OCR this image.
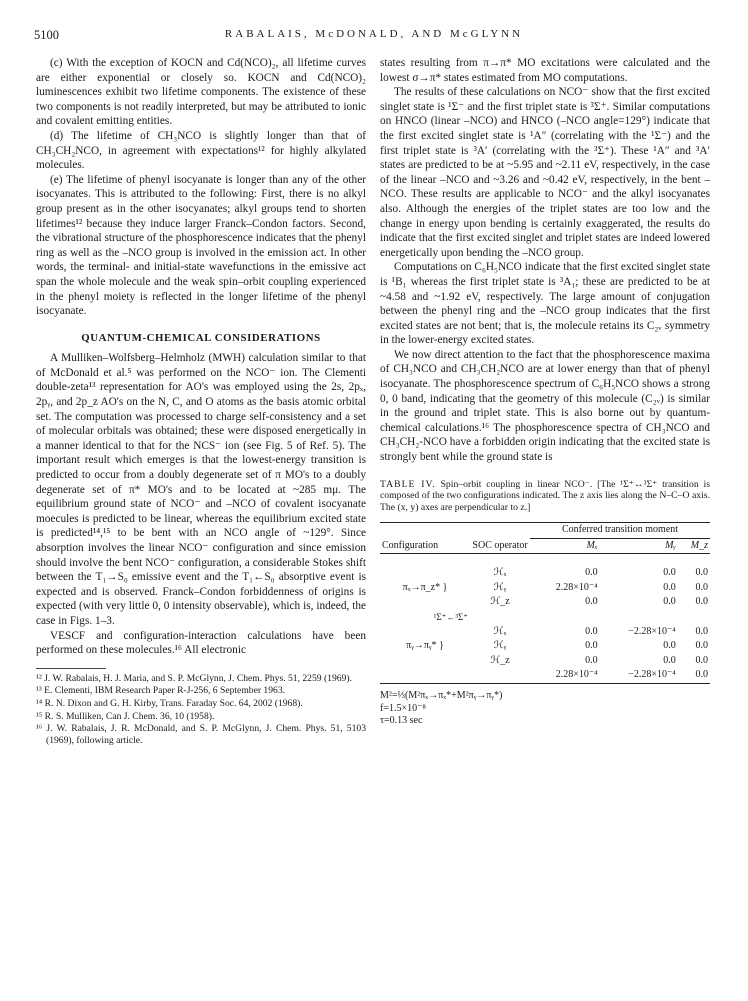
5100	RABALAIS, McDONALD, AND McGLYNN

(c) With the exception of KOCN and Cd(NCO)₂, all lifetime curves are either exponential or closely so. KOCN and Cd(NCO)₂ luminescences exhibit two lifetime components. The existence of these two components is not readily interpreted, but may be attributed to ionic and covalent emitting entities.

(d) The lifetime of CH₃NCO is slightly longer than that of CH₃CH₂NCO, in agreement with expectations¹² for highly alkylated molecules.

(e) The lifetime of phenyl isocyanate is longer than any of the other isocyanates. This is attributed to the following: First, there is no alkyl group present as in the other isocyanates; alkyl groups tend to shorten lifetimes¹² because they induce larger Franck–Condon factors. Second, the vibrational structure of the phosphorescence indicates that the phenyl ring as well as the –NCO group is involved in the emission act. In other words, the terminal- and initial-state wavefunctions in the emissive act span the whole molecule and the weak spin–orbit coupling experienced in the phenyl moiety is reflected in the longer lifetime of the phenyl isocyanate.

QUANTUM-CHEMICAL CONSIDERATIONS

A Mulliken–Wolfsberg–Helmholz (MWH) calculation similar to that of McDonald et al.⁵ was performed on the NCO⁻ ion. The Clementi double-zeta¹³ representation for AO's was employed using the 2s, 2pₓ, 2pᵧ, and 2p_z AO's on the N, C, and O atoms as the basis atomic orbital set. The computation was processed to charge self-consistency and a set of molecular orbitals was obtained; these were disposed energetically in a manner identical to that for the NCS⁻ ion (see Fig. 5 of Ref. 5). The important result which emerges is that the lowest-energy transition is predicted to occur from a doubly degenerate set of π MO's to a doubly degenerate set of π* MO's and to be located at ~285 mμ. The equilibrium ground state of NCO⁻ and –NCO of covalent isocyanate moecules is predicted to be linear, whereas the equilibrium excited state is predicted¹⁴,¹⁵ to be bent with an NCO angle of ~129°. Since absorption involves the linear NCO⁻ configuration and since emission should involve the bent NCO⁻ configuration, a considerable Stokes shift between the T₁→S₀ emissive event and the T₁←S₀ absorptive event is expected and is observed. Franck–Condon forbiddenness of origins is expected (with very little 0, 0 intensity observable), which is, indeed, the case in Figs. 1–3.

VESCF and configuration-interaction calculations have been performed on these molecules.¹⁶ All electronic

¹² J. W. Rabalais, H. J. Maria, and S. P. McGlynn, J. Chem. Phys. 51, 2259 (1969).
¹³ E. Clementi, IBM Research Paper R-J-256, 6 September 1963.
¹⁴ R. N. Dixon and G. H. Kirby, Trans. Faraday Soc. 64, 2002 (1968).
¹⁵ R. S. Mulliken, Can J. Chem. 36, 10 (1958).
¹⁶ J. W. Rabalais, J. R. McDonald, and S. P. McGlynn, J. Chem. Phys. 51, 5103 (1969), following article.

states resulting from π→π* MO excitations were calculated and the lowest σ→π* states estimated from MO computations.

The results of these calculations on NCO⁻ show that the first excited singlet state is ¹Σ⁻ and the first triplet state is ³Σ⁺. Similar computations on HNCO (linear –NCO) and HNCO (–NCO angle=129°) indicate that the first excited singlet state is ¹A″ (correlating with the ¹Σ⁻) and the first triplet state is ³A′ (correlating with the ³Σ⁺). These ¹A″ and ³A′ states are predicted to be at ~5.95 and ~2.11 eV, respectively, in the case of the linear –NCO and ~3.26 and ~0.42 eV, respectively, in the bent –NCO. These results are applicable to NCO⁻ and the alkyl isocyanates also. Although the energies of the triplet states are too low and the change in energy upon bending is certainly exaggerated, the results do indicate that the first excited singlet and triplet states are indeed lowered energetically upon bending the –NCO group.

Computations on C₆H₅NCO indicate that the first excited singlet state is ¹B₁ whereas the first triplet state is ³A₁; these are predicted to be at ~4.58 and ~1.92 eV, respectively. The large amount of conjugation between the phenyl ring and the –NCO group indicates that the first excited states are not bent; that is, the molecule retains its C₂ᵥ symmetry in the lower-energy excited states.

We now direct attention to the fact that the phosphorescence maxima of CH₃NCO and CH₃CH₂NCO are at lower energy than that of phenyl isocyanate. The phosphorescence spectrum of C₆H₅NCO shows a strong 0, 0 band, indicating that the geometry of this molecule (C₂ᵥ) is similar in the ground and triplet state. This is also borne out by quantum-chemical calculations.¹⁶ The phosphorescence spectra of CH₃NCO and CH₃CH₂-NCO have a forbidden origin indicating that the excited state is strongly bent while the ground state is

TABLE IV. Spin–orbit coupling in linear NCO⁻. [The ¹Σ⁺↔³Σ⁺ transition is composed of the two configurations indicated. The z axis lies along the N–C–O axis. The (x, y) axes are perpendicular to z.]
		Conferred transition moment		
Configuration	SOC operator	Mₓ	Mᵧ	M_z

πₓ→π_z* }	ℋₓ	0.0	0.0	0.0
	ℋᵧ	2.28×10⁻⁴	0.0	0.0
	ℋ_z	0.0	0.0	0.0
¹Σ⁺←³Σ⁺				
πᵧ→πᵧ* }	ℋₓ	0.0	−2.28×10⁻⁴	0.0
	ℋᵧ	0.0	0.0	0.0
	ℋ_z	0.0	0.0	0.0
		2.28×10⁻⁴	−2.28×10⁻⁴	0.0
M²=⅓(M²πₓ→πₓ*+M²πᵧ→πᵧ*)
f=1.5×10⁻⁸
τ=0.13 sec
